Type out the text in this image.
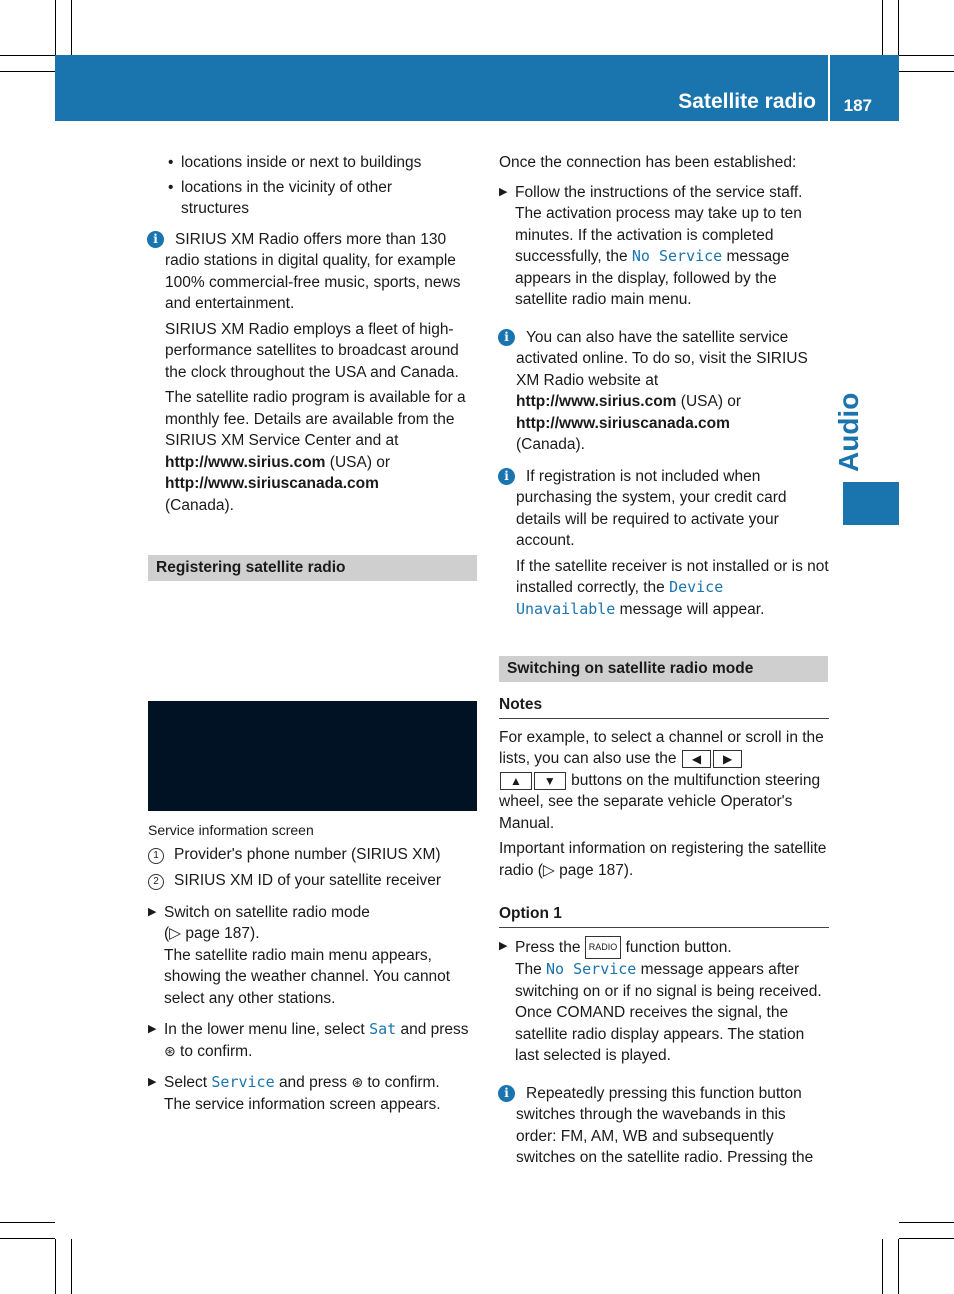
Satellite radio 187
Audio

• locations inside or next to buildings

• locations in the vicinity of other structures

i	SIRIUS XM Radio offers more than 130 radio stations in digital quality, for example 100% commercial-free music, sports, news and entertainment.

SIRIUS XM Radio employs a fleet of high-performance satellites to broadcast around the clock throughout the USA and Canada.

The satellite radio program is available for a monthly fee. Details are available from the SIRIUS XM Service Center and at
http://www.sirius.com (USA) or
http://www.siriuscanada.com
(Canada).

Registering satellite radio

Service information screen

1 Provider's phone number (SIRIUS XM)

2 SIRIUS XM ID of your satellite receiver

▶ Switch on satellite radio mode
(▷ page 187).
The satellite radio main menu appears, showing the weather channel. You cannot select any other stations.

▶ In the lower menu line, select Sat and press
⊛ to confirm.

▶ Select Service and press ⊛ to confirm.
The service information screen appears.

Once the connection has been established:

▶ Follow the instructions of the service staff. The activation process may take up to ten minutes. If the activation is completed successfully, the No Service message appears in the display, followed by the satellite radio main menu.

i	You can also have the satellite service activated online. To do so, visit the SIRIUS XM Radio website at
http://www.sirius.com (USA) or
http://www.siriuscanada.com
(Canada).

i	If registration is not included when purchasing the system, your credit card details will be required to activate your account.

If the satellite receiver is not installed or is not installed correctly, the Device Unavailable message will appear.

Switching on satellite radio mode

Notes

For example, to select a channel or scroll in the lists, you can also use the ◀ ▶
▲ ▼ buttons on the multifunction steering wheel, see the separate vehicle Operator's Manual.

Important information on registering the satellite radio (▷ page 187).

Option 1

▶ Press the RADIO function button.
The No Service message appears after switching on or if no signal is being received. Once COMAND receives the signal, the satellite radio display appears. The station last selected is played.

i	Repeatedly pressing this function button switches through the wavebands in this order: FM, AM, WB and subsequently switches on the satellite radio. Pressing the
